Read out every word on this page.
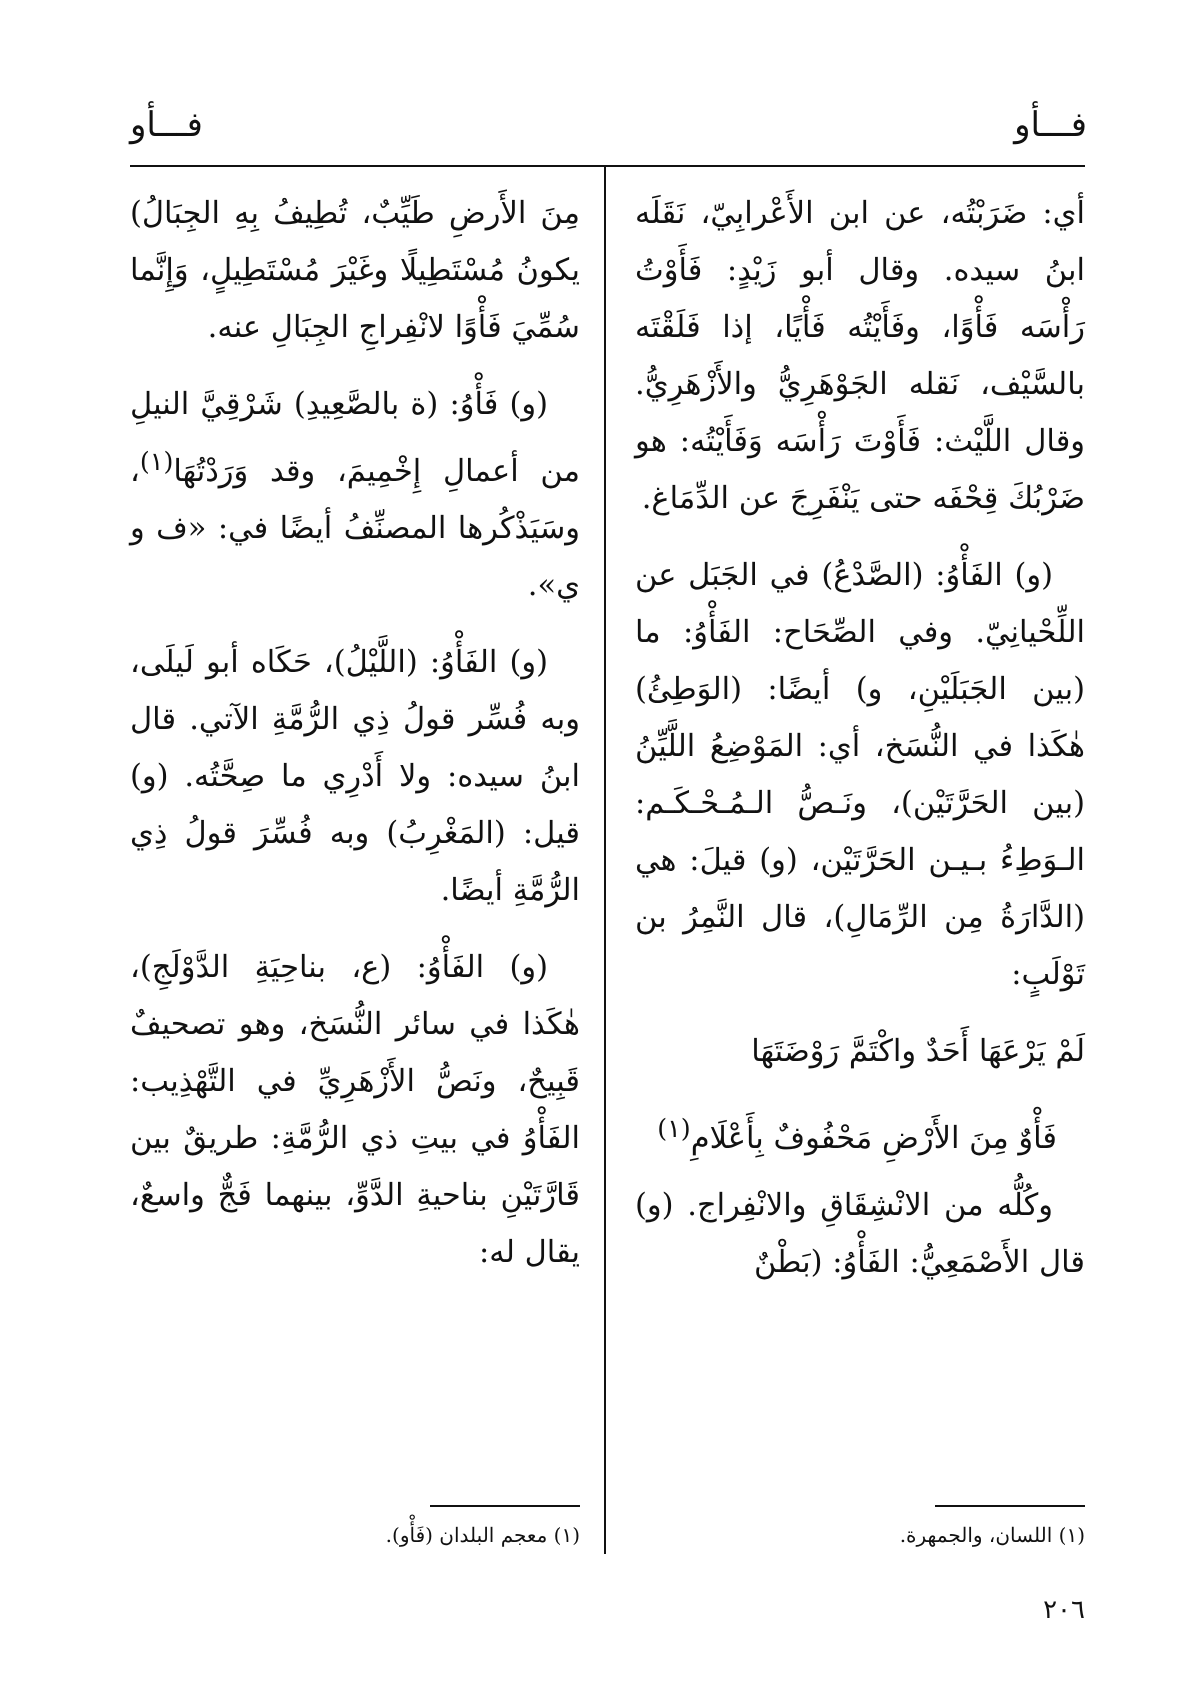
فـــأو
فـــأو

أي: ضَرَبْتُه، عن ابن الأَعْرابِيّ، نَقَلَه ابنُ سيده. وقال أبو زَيْدٍ: فَأَوْتُ رَأْسَه فَأْوًا، وفَأَيْتُه فَأْيًا، إذا فَلَقْتَه بالسَّيْف، نَقله الجَوْهَرِيُّ والأَزْهَرِيُّ. وقال اللَّيْث: فَأَوْتَ رَأْسَه وَفَأَيْتُه: هو ضَرْبُكَ قِحْفَه حتى يَنْفَرِجَ عن الدِّمَاغ.

(و) الفَأْوُ: (الصَّدْعُ) في الجَبَل عن اللِّحْيانِيّ. وفي الصِّحَاح: الفَأْوُ: ما (بين الجَبَلَيْنِ، و) أيضًا: (الوَطِئُ) هٰكَذا في النُّسَخ، أي: المَوْضِعُ اللَّيِّنُ (بين الحَرَّتَيْن)، ونَـصُّ الـمُـحْـكَـم: الـوَطِءُ بـيـن الحَرَّتَيْن، (و) قيلَ: هي (الدَّارَةُ مِن الرِّمَالِ)، قال النَّمِرُ بن تَوْلَبٍ:

لَمْ يَرْعَهَا أَحَدٌ واكْتَمَّ رَوْضَتَهَا

فَأْوٌ مِنَ الأَرْضِ مَحْفُوفٌ بِأَعْلَامِ$^{(١)}$

وكُلُّه من الانْشِقَاقِ والانْفِراج. (و) قال الأَصْمَعِيُّ: الفَأْوُ: (بَطْنٌ

مِنَ الأَرضِ طَيِّبٌ، تُطِيفُ بِهِ الجِبَالُ) يكونُ مُسْتَطِيلًا وغَيْرَ مُسْتَطِيلٍ، وَإِنَّما سُمِّيَ فَأْوًا لانْفِراجِ الجِبَالِ عنه.

(و) فَأْوُ: (ة بالصَّعِيدِ) شَرْقِيَّ النيلِ من أعمالِ إِخْمِيمَ، وقد وَرَدْتُهَا$^{(١)}$، وسَيَذْكُرها المصنِّفُ أيضًا في: «ف و ي».

(و) الفَأْوُ: (اللَّيْلُ)، حَكَاه أبو لَيلَى، وبه فُسِّر قولُ ذِي الرُّمَّةِ الآتي. قال ابنُ سيده: ولا أَدْرِي ما صِحَّتُه. (و) قيل: (المَغْرِبُ) وبه فُسِّرَ قولُ ذِي الرُّمَّةِ أيضًا.

(و) الفَأْوُ: (ع، بناحِيَةِ الدَّوْلَجِ)، هٰكَذا في سائر النُّسَخ، وهو تصحيفٌ قَبِيحٌ، ونَصُّ الأَزْهَرِيِّ في التَّهْذِيب: الفَأْوُ في بيتِ ذي الرُّمَّةِ: طريقٌ بين قَارَّتَيْنِ بناحيةِ الدَّوِّ، بينهما فَجٌّ واسعٌ، يقال له:

(١) اللسان، والجمهرة.
(١) معجم البلدان (فَأْو).
٢٠٦
